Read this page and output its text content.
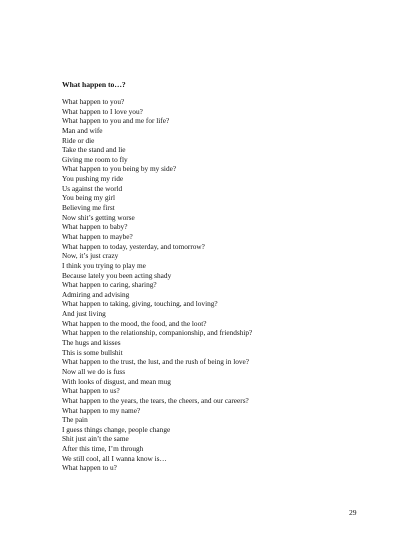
What happen to…?
What happen to you?
What happen to I love you?
What happen to you and me for life?
Man and wife
Ride or die
Take the stand and lie
Giving me room to fly
What happen to you being by my side?
You pushing my ride
Us against the world
You being my girl
Believing me first
Now shit’s getting worse
What happen to baby?
What happen to maybe?
What happen to today, yesterday, and tomorrow?
Now, it’s just crazy
I think you trying to play me
Because lately you been acting shady
What happen to caring, sharing?
Admiring and advising
What happen to taking, giving, touching, and loving?
And just living
What happen to the mood, the food, and the loot?
What happen to the relationship, companionship, and friendship?
The hugs and kisses
This is some bullshit
What happen to the trust, the lust, and the rush of being in love?
Now all we do is fuss
With looks of disgust, and mean mug
What happen to us?
What happen to the years, the tears, the cheers, and our careers?
What happen to my name?
The pain
I guess things change, people change
Shit just ain’t the same
After this time, I’m through
We still cool, all I wanna know is…
What happen to u?
29
